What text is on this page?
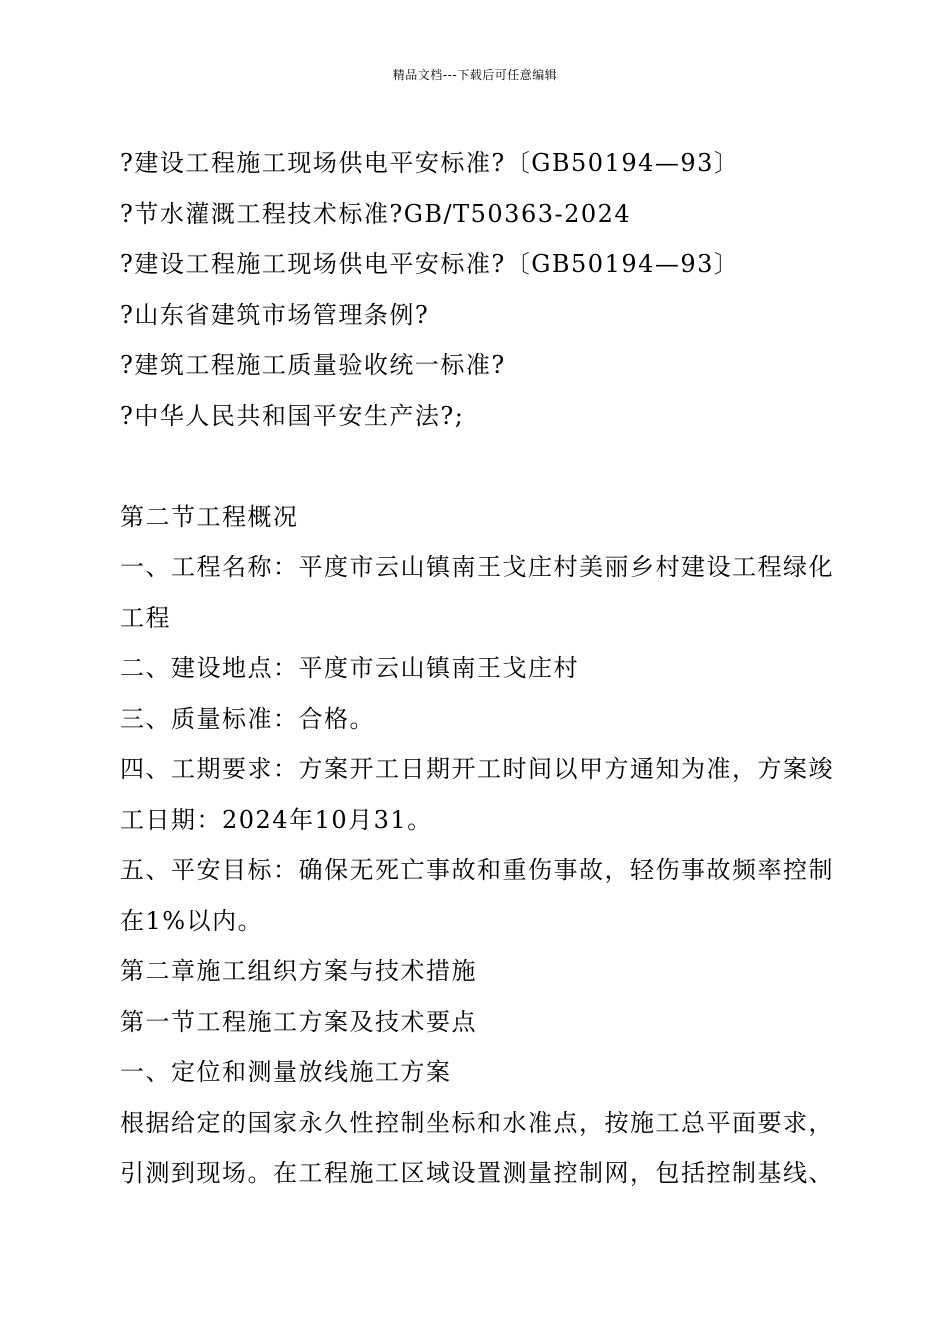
精品文档---下载后可任意编辑
?建设工程施工现场供电平安标准?〔GB50194—93〕
?节水灌溉工程技术标准?GB/T50363-2024
?建设工程施工现场供电平安标准?〔GB50194—93〕
?山东省建筑市场管理条例?
?建筑工程施工质量验收统一标准?
?中华人民共和国平安生产法?;
第二节工程概况
一、工程名称：平度市云山镇南王戈庄村美丽乡村建设工程绿化
工程
二、建设地点：平度市云山镇南王戈庄村
三、质量标准：合格。
四、工期要求：方案开工日期开工时间以甲方通知为准，方案竣
工日期：2024年10月31。
五、平安目标：确保无死亡事故和重伤事故，轻伤事故频率控制
在1%以内。
第二章施工组织方案与技术措施
第一节工程施工方案及技术要点
一、定位和测量放线施工方案
根据给定的国家永久性控制坐标和水准点，按施工总平面要求，
引测到现场。在工程施工区域设置测量控制网，包括控制基线、
